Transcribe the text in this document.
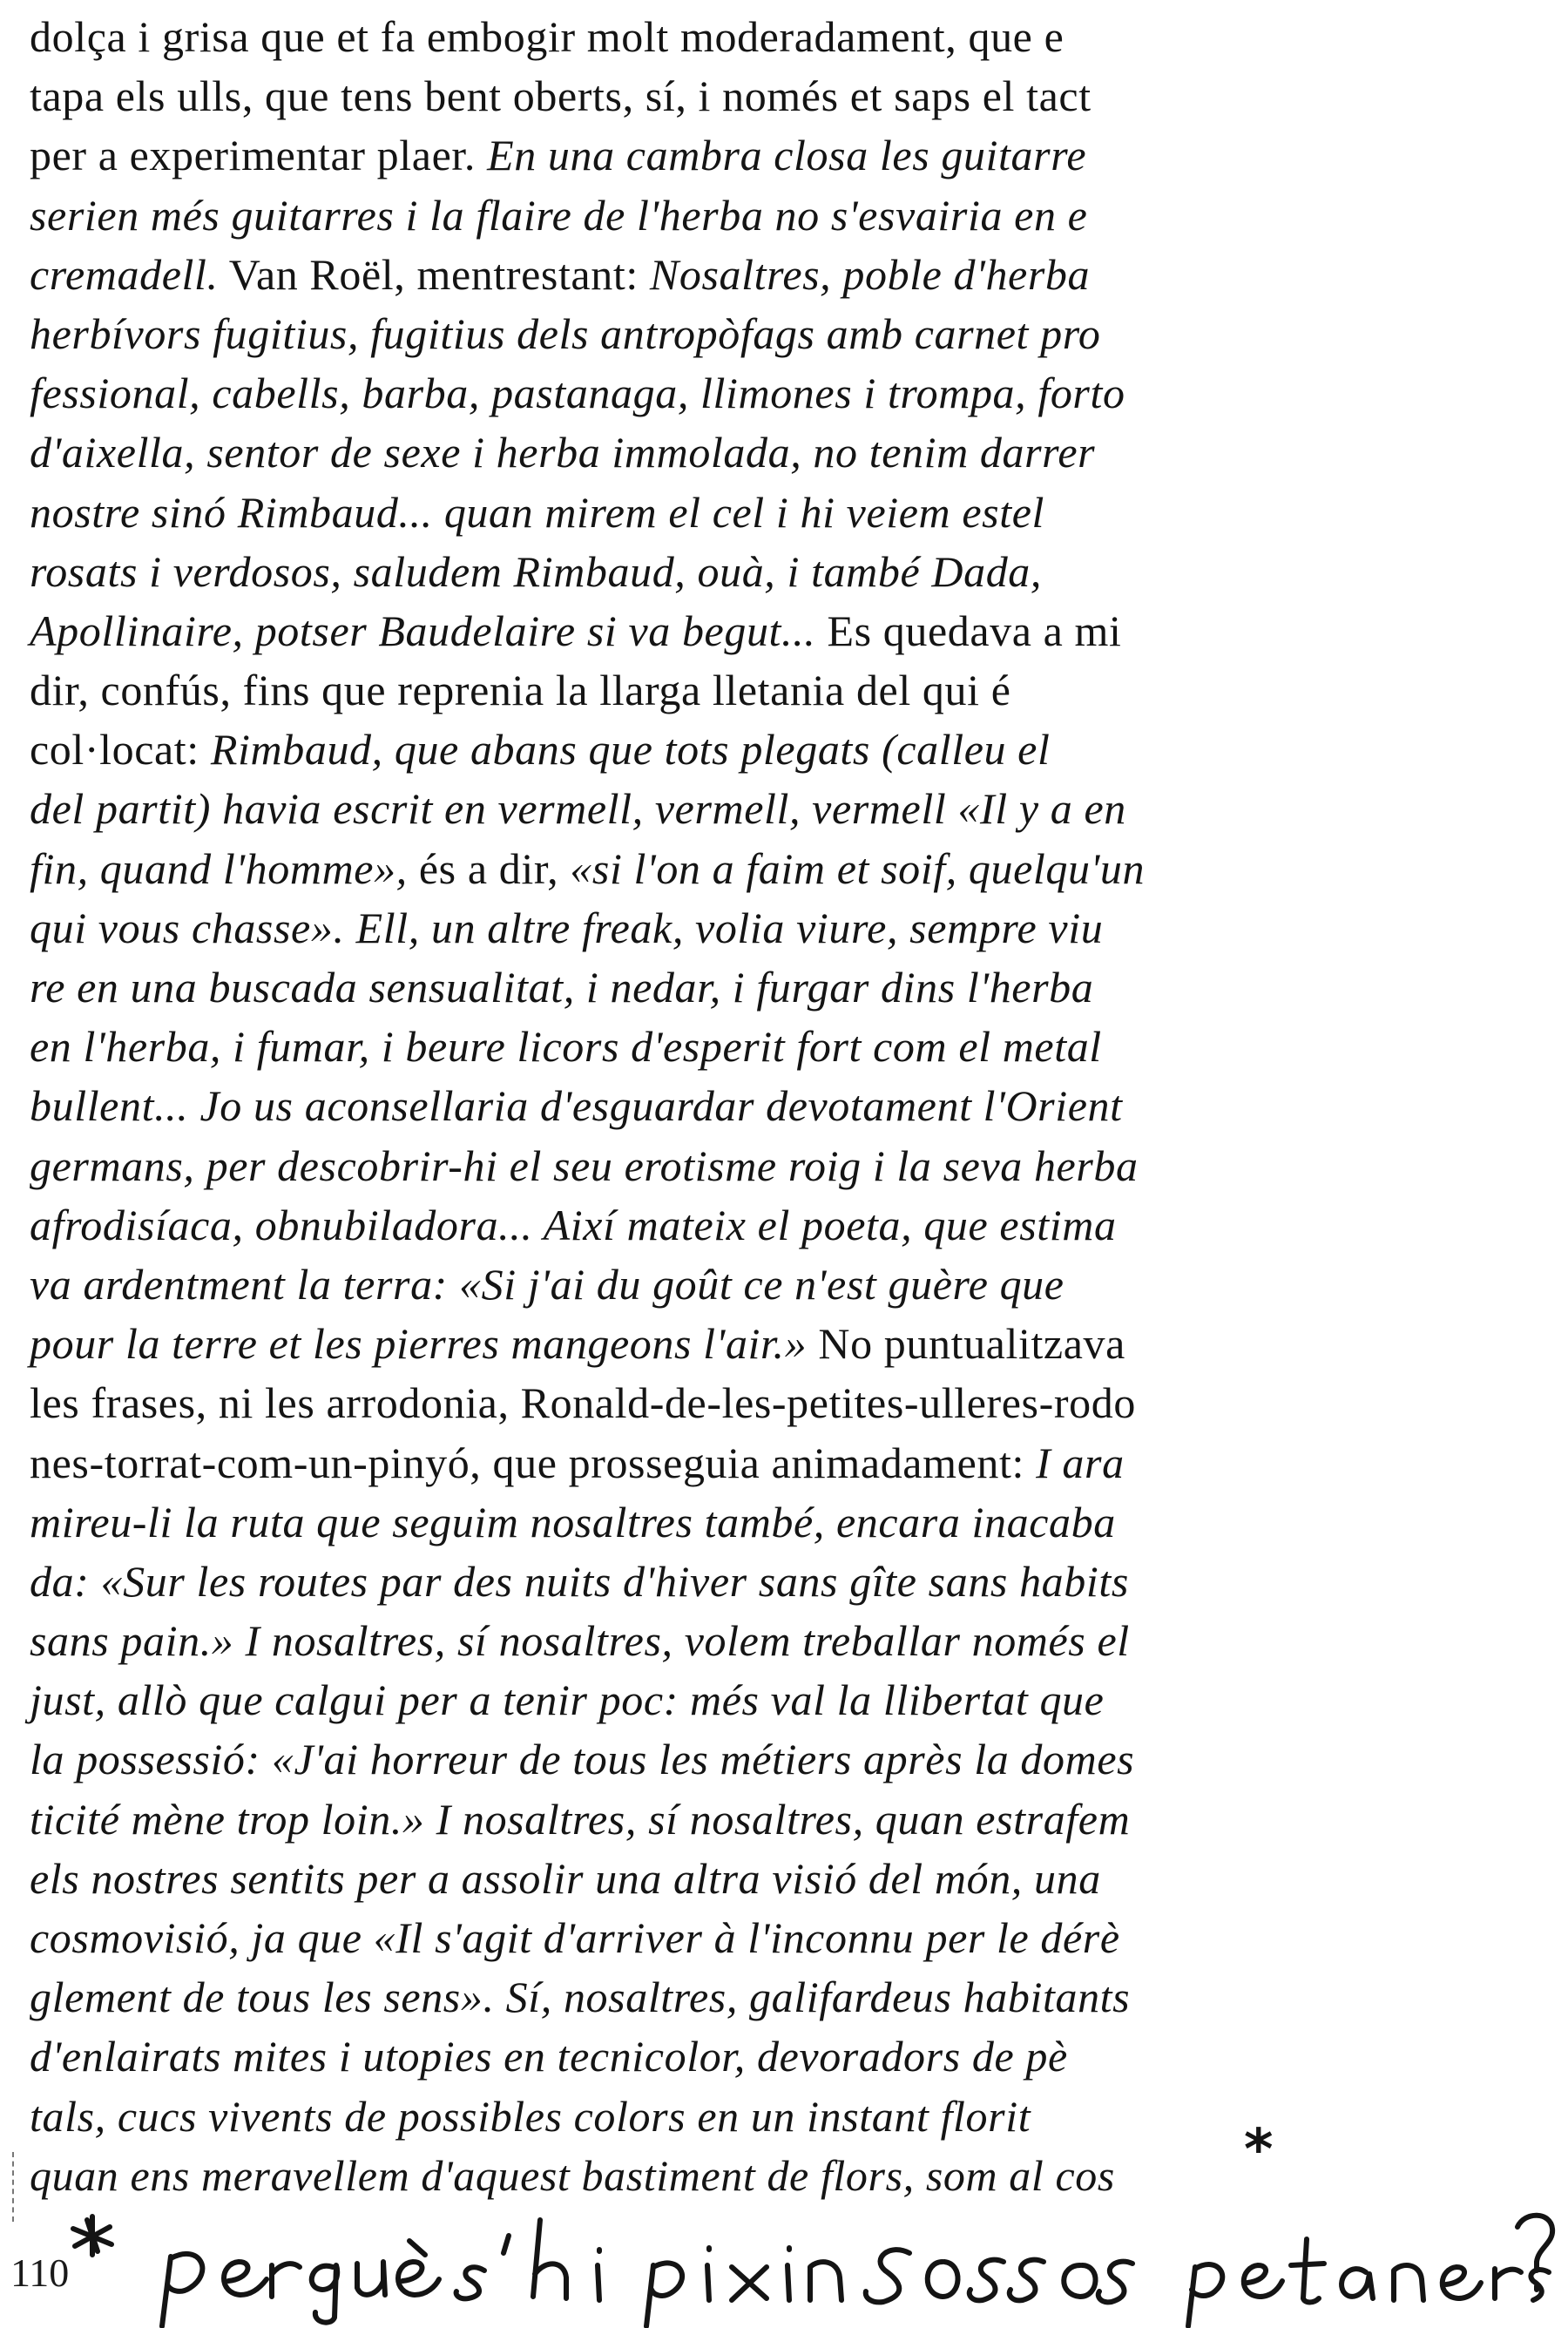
dolça i grisa que et fa embogir molt moderadament, que e
tapa els ulls, que tens bent oberts, sí, i només et saps el tact
per a experimentar plaer. En una cambra closa les guitarre
serien més guitarres i la flaire de l'herba no s'esvairia en e
cremadell. Van Roël, mentrestant: Nosaltres, poble d'herba
herbívors fugitius, fugitius dels antropòfags amb carnet pro
fessional, cabells, barba, pastanaga, llimones i trompa, forto
d'aixella, sentor de sexe i herba immolada, no tenim darrer
nostre sinó Rimbaud... quan mirem el cel i hi veiem estel
rosats i verdosos, saludem Rimbaud, ouà, i també Dada,
Apollinaire, potser Baudelaire si va begut... Es quedava a mi
dir, confús, fins que reprenia la llarga lletania del qui é
col·locat: Rimbaud, que abans que tots plegats (calleu el
del partit) havia escrit en vermell, vermell, vermell «Il y a en
fin, quand l'homme», és a dir, «si l'on a faim et soif, quelqu'un
qui vous chasse». Ell, un altre freak, volia viure, sempre viu
re en una buscada sensualitat, i nedar, i furgar dins l'herba
en l'herba, i fumar, i beure licors d'esperit fort com el metal
bullent... Jo us aconsellaria d'esguardar devotament l'Orient
germans, per descobrir-hi el seu erotisme roig i la seva herba
afrodisíaca, obnubiladora... Així mateix el poeta, que estima
va ardentment la terra: «Si j'ai du goût ce n'est guère que
pour la terre et les pierres mangeons l'air.» No puntualitzava
les frases, ni les arrodonia, Ronald-de-les-petites-ulleres-rodo
nes-torrat-com-un-pinyó, que prosseguia animadament: I ara
mireu-li la ruta que seguim nosaltres també, encara inacaba
da: «Sur les routes par des nuits d'hiver sans gîte sans habits
sans pain.» I nosaltres, sí nosaltres, volem treballar només el
just, allò que calgui per a tenir poc: més val la llibertat que
la possessió: «J'ai horreur de tous les métiers après la domes
ticité mène trop loin.» I nosaltres, sí nosaltres, quan estrafem
els nostres sentits per a assolir una altra visió del món, una
cosmovisió, ja que «Il s'agit d'arriver à l'inconnu per le dérè
glement de tous les sens». Sí, nosaltres, galifardeus habitants
d'enlairats mites i utopies en tecnicolor, devoradors de pè
tals, cucs vivents de possibles colors en un instant florit
quan ens meravellem d'aquest bastiment de flors, som al cos	*
110
